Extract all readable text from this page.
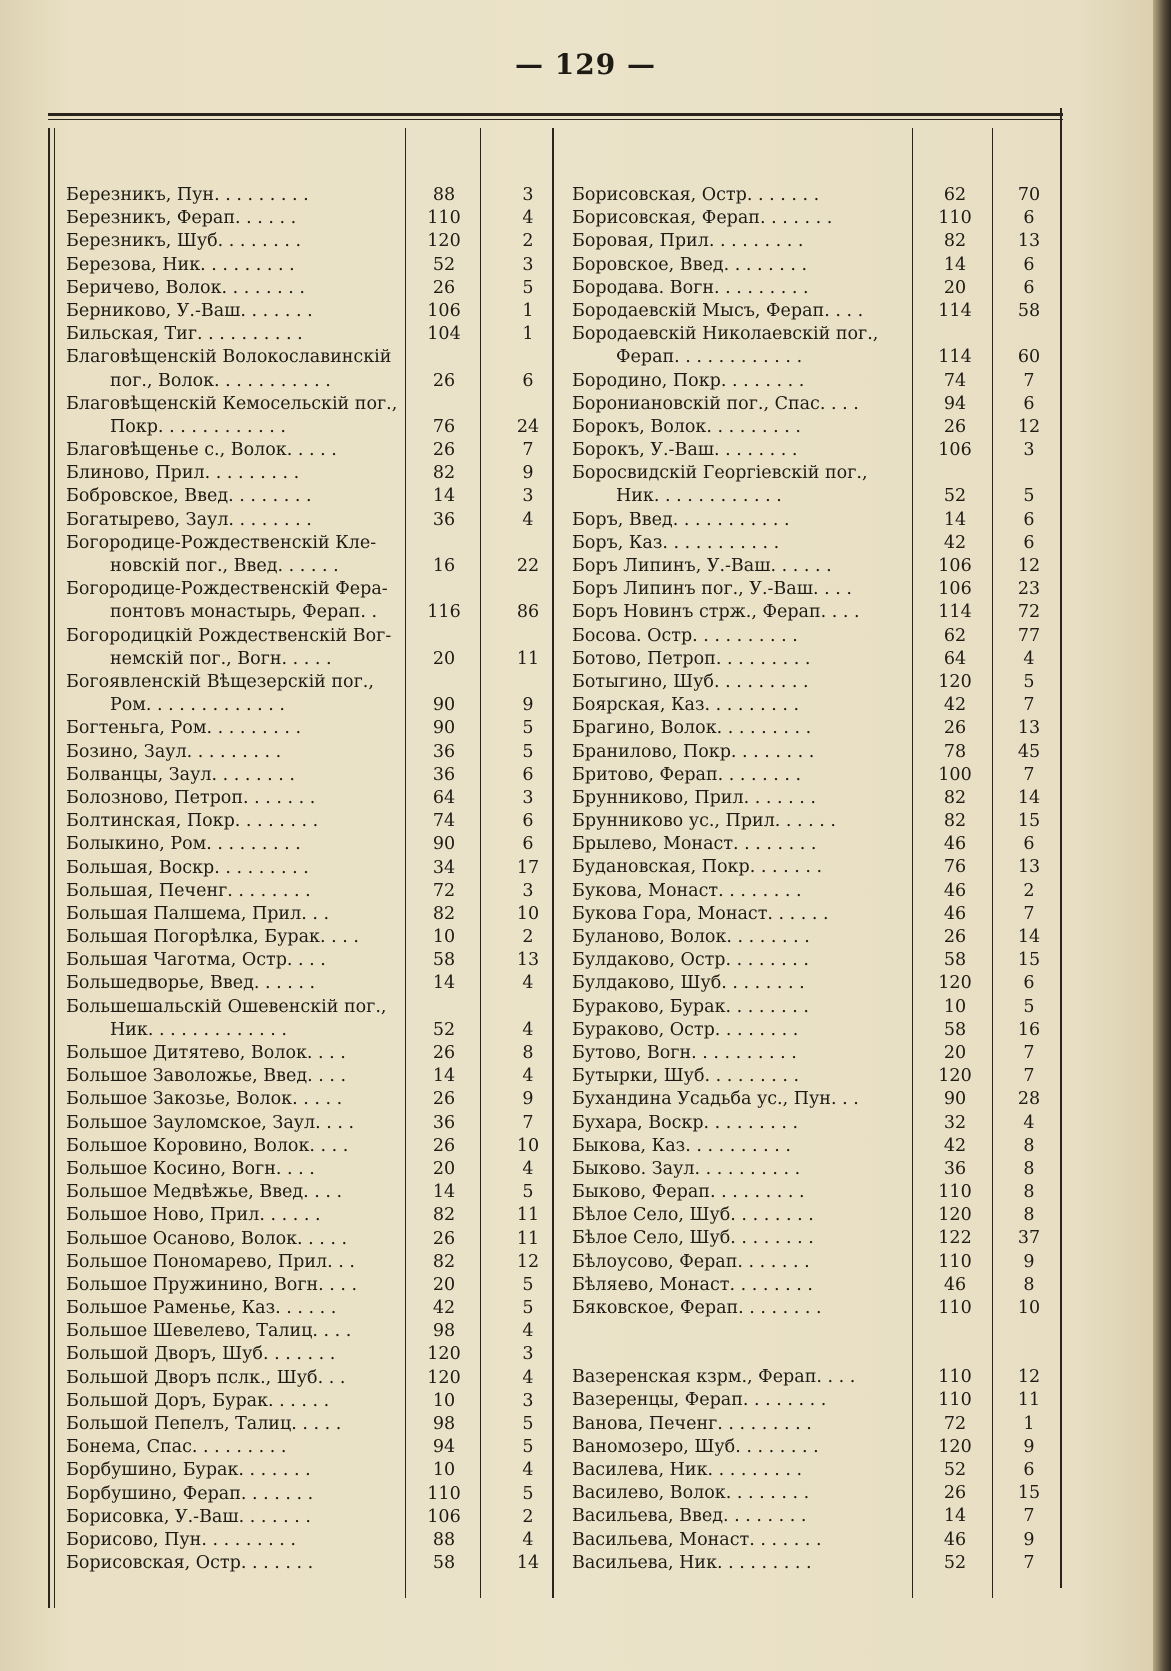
— 129 —
Березникъ, Пун. . . . . . . . .	88	3
Березникъ, Ферап. . . . . .	110	4
Березникъ, Шуб. . . . . . . .	120	2
Березова, Ник. . . . . . . . .	52	3
Беричево, Волок. . . . . . . .	26	5
Берниково, У.-Ваш. . . . . . .	106	1
Бильская, Тиг. . . . . . . . . .	104	1
Благовѣщенскій Волокославинскій
пог., Волок. . . . . . . . . . .	26	6
Благовѣщенскій Кемосельскій пог.,
Покр. . . . . . . . . . . .	76	24
Благовѣщенье с., Волок. . . . .	26	7
Блиново, Прил. . . . . . . . .	82	9
Бобровское, Введ. . . . . . . .	14	3
Богатырево, Заул. . . . . . . .	36	4
Богородице-Рождественскій Кле-
новскій пог., Введ. . . . . .	16	22
Богородице-Рождественскій Фера-
понтовъ монастырь, Ферап. .	116	86
Богородицкій Рождественскій Вог-
немскій пог., Вогн. . . . .	20	11
Богоявленскій Вѣщезерскій пог.,
Ром. . . . . . . . . . . . .	90	9
Богтеньга, Ром. . . . . . . . .	90	5
Бозино, Заул. . . . . . . . .	36	5
Болванцы, Заул. . . . . . . .	36	6
Болозново, Петроп. . . . . . .	64	3
Болтинская, Покр. . . . . . . .	74	6
Болыкино, Ром. . . . . . . . .	90	6
Большая, Воскр. . . . . . . . .	34	17
Большая, Печенг. . . . . . . .	72	3
Большая Палшема, Прил. . .	82	10
Большая Погорѣлка, Бурак. . . .	10	2
Большая Чаготма, Остр. . . .	58	13
Большедворье, Введ. . . . . .	14	4
Большешальскій Ошевенскій пог.,
Ник. . . . . . . . . . . . .	52	4
Большое Дитятево, Волок. . . .	26	8
Большое Заволожье, Введ. . . .	14	4
Большое Закозье, Волок. . . . .	26	9
Большое Зауломское, Заул. . . .	36	7
Большое Коровино, Волок. . . .	26	10
Большое Косино, Вогн. . . .	20	4
Большое Медвѣжье, Введ. . . .	14	5
Большое Ново, Прил. . . . . .	82	11
Большое Осаново, Волок. . . . .	26	11
Большое Пономарево, Прил. . .	82	12
Большое Пружинино, Вогн. . . .	20	5
Большое Раменье, Каз. . . . . .	42	5
Большое Шевелево, Талиц. . . .	98	4
Большой Дворъ, Шуб. . . . . . .	120	3
Большой Дворъ пслк., Шуб. . .	120	4
Большой Доръ, Бурак. . . . . .	10	3
Большой Пепелъ, Талиц. . . . .	98	5
Бонема, Спас. . . . . . . . .	94	5
Борбушино, Бурак. . . . . . .	10	4
Борбушино, Ферап. . . . . . .	110	5
Борисовка, У.-Ваш. . . . . . .	106	2
Борисово, Пун. . . . . . . . .	88	4
Борисовская, Остр. . . . . . .	58	14
Борисовская, Остр. . . . . . .	62	70
Борисовская, Ферап. . . . . . .	110	6
Боровая, Прил. . . . . . . . .	82	13
Боровское, Введ. . . . . . . .	14	6
Бородава. Вогн. . . . . . . . .	20	6
Бородаевскій Мысъ, Ферап. . . .	114	58
Бородаевскій Николаевскій пог.,
Ферап. . . . . . . . . . . .	114	60
Бородино, Покр. . . . . . . .	74	7
Борониановскій пог., Спас. . . .	94	6
Борокъ, Волок. . . . . . . . .	26	12
Борокъ, У.-Ваш. . . . . . . .	106	3
Боросвидскій Георгіевскій пог.,
Ник. . . . . . . . . . . .	52	5
Боръ, Введ. . . . . . . . . . .	14	6
Боръ, Каз. . . . . . . . . . .	42	6
Боръ Липинъ, У.-Ваш. . . . . .	106	12
Боръ Липинъ пог., У.-Ваш. . . .	106	23
Боръ Новинъ стрж., Ферап. . . .	114	72
Босова. Остр. . . . . . . . . .	62	77
Ботово, Петроп. . . . . . . . .	64	4
Ботыгино, Шуб. . . . . . . . .	120	5
Боярская, Каз. . . . . . . . .	42	7
Брагино, Волок. . . . . . . . .	26	13
Бранилово, Покр. . . . . . . .	78	45
Бритово, Ферап. . . . . . . .	100	7
Брунниково, Прил. . . . . . .	82	14
Брунниково ус., Прил. . . . . .	82	15
Брылево, Монаст. . . . . . . .	46	6
Будановская, Покр. . . . . . .	76	13
Букова, Монаст. . . . . . . .	46	2
Букова Гора, Монаст. . . . . .	46	7
Буланово, Волок. . . . . . . .	26	14
Булдаково, Остр. . . . . . . .	58	15
Булдаково, Шуб. . . . . . . .	120	6
Бураково, Бурак. . . . . . . .	10	5
Бураково, Остр. . . . . . . .	58	16
Бутово, Вогн. . . . . . . . . .	20	7
Бутырки, Шуб. . . . . . . . .	120	7
Бухандина Усадьба ус., Пун. . .	90	28
Бухара, Воскр. . . . . . . . .	32	4
Быкова, Каз. . . . . . . . . .	42	8
Быково. Заул. . . . . . . . . .	36	8
Быково, Ферап. . . . . . . . .	110	8
Бѣлое Село, Шуб. . . . . . . .	120	8
Бѣлое Село, Шуб. . . . . . . .	122	37
Бѣлоусово, Ферап. . . . . . .	110	9
Бѣляево, Монаст. . . . . . . .	46	8
Бяковское, Ферап. . . . . . . .	110	10
Вазеренская кзрм., Ферап. . . .	110	12
Вазеренцы, Ферап. . . . . . . .	110	11
Ванова, Печенг. . . . . . . . .	72	1
Ваномозеро, Шуб. . . . . . . .	120	9
Василева, Ник. . . . . . . . .	52	6
Василево, Волок. . . . . . . .	26	15
Васильева, Введ. . . . . . . .	14	7
Васильева, Монаст. . . . . . .	46	9
Васильева, Ник. . . . . . . . .	52	7
